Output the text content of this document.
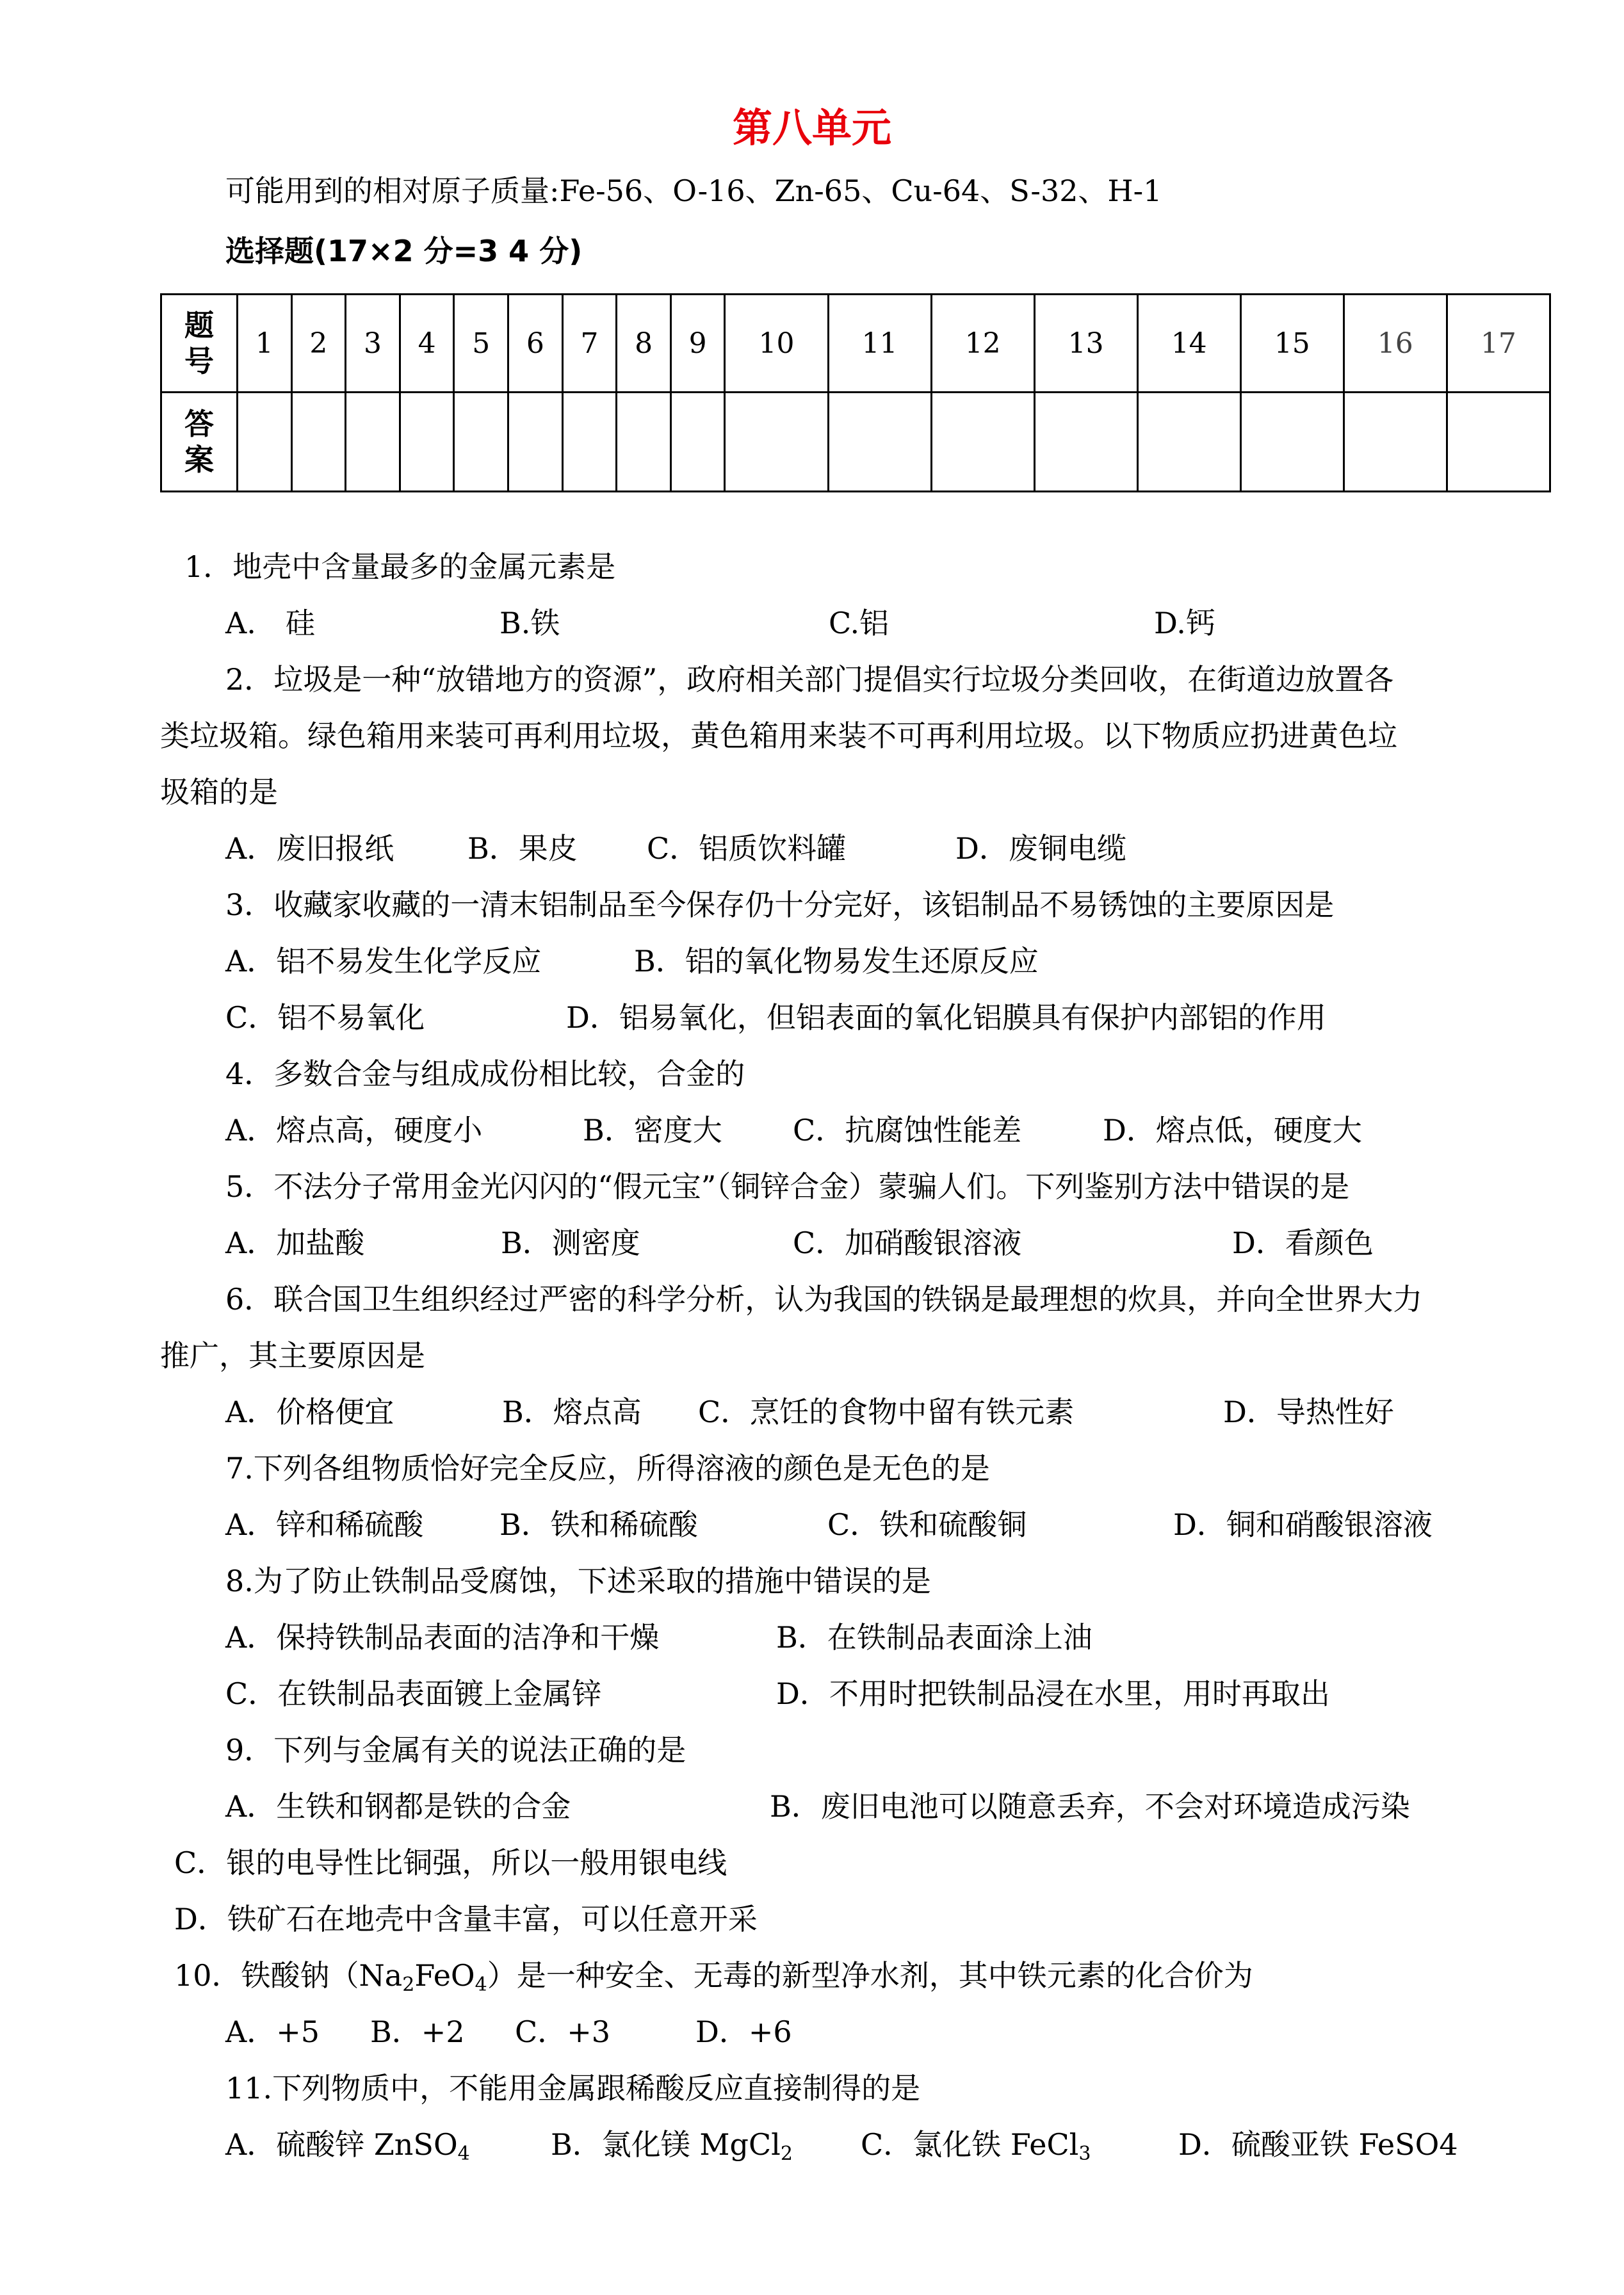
第八单元
可能用到的相对原子质量:Fe-56、O-16、Zn-65、Cu-64、S-32、H-1
选择题(17×2 分=3 4 分)
题
号	1	2	3	4	5	6	7	8	9	10	11	12	13	14	15	16	17
答
案																	
1．地壳中含量最多的金属元素是
A.　硅	B.铁	C.铝	D.钙
2．垃圾是一种“放错地方的资源”，政府相关部门提倡实行垃圾分类回收，在街道边放置各
类垃圾箱。绿色箱用来装可再利用垃圾，黄色箱用来装不可再利用垃圾。以下物质应扔进黄色垃
圾箱的是
A．废旧报纸 B．果皮 C．铝质饮料罐	D．废铜电缆
3．收藏家收藏的一清末铝制品至今保存仍十分完好，该铝制品不易锈蚀的主要原因是
A．铝不易发生化学反应	B．铝的氧化物易发生还原反应
C．铝不易氧化	D．铝易氧化，但铝表面的氧化铝膜具有保护内部铝的作用
4．多数合金与组成成份相比较，合金的
A．熔点高，硬度小	B．密度大 C．抗腐蚀性能差	D．熔点低，硬度大
5．不法分子常用金光闪闪的“假元宝”（铜锌合金）蒙骗人们。下列鉴别方法中错误的是
A．加盐酸	B．测密度	C．加硝酸银溶液	D．看颜色
6．联合国卫生组织经过严密的科学分析，认为我国的铁锅是最理想的炊具，并向全世界大力
推广，其主要原因是
A．价格便宜	B．熔点高 C．烹饪的食物中留有铁元素	D．导热性好
7.下列各组物质恰好完全反应，所得溶液的颜色是无色的是
A．锌和稀硫酸	B．铁和稀硫酸	C．铁和硫酸铜	D．铜和硝酸银溶液
8.为了防止铁制品受腐蚀，下述采取的措施中错误的是
A．保持铁制品表面的洁净和干燥	B．在铁制品表面涂上油
C．在铁制品表面镀上金属锌	D．不用时把铁制品浸在水里，用时再取出
9．下列与金属有关的说法正确的是
A．生铁和钢都是铁的合金	B．废旧电池可以随意丢弃，不会对环境造成污染
C．银的电导性比铜强，所以一般用银电线
D．铁矿石在地壳中含量丰富，可以任意开采
10．铁酸钠$(Na_2FeO_4)$是一种安全、无毒的新型净水剂，其中铁元素的化合价为
A．+5 B．+2 C．+3	D．+6
11.下列物质中，不能用金属跟稀酸反应直接制得的是
A．硫酸锌 ZnSO$_4$	B．氯化镁 MgCl$_2$ C．氯化铁 FeCl$_3$	D．硫酸亚铁 FeSO4
